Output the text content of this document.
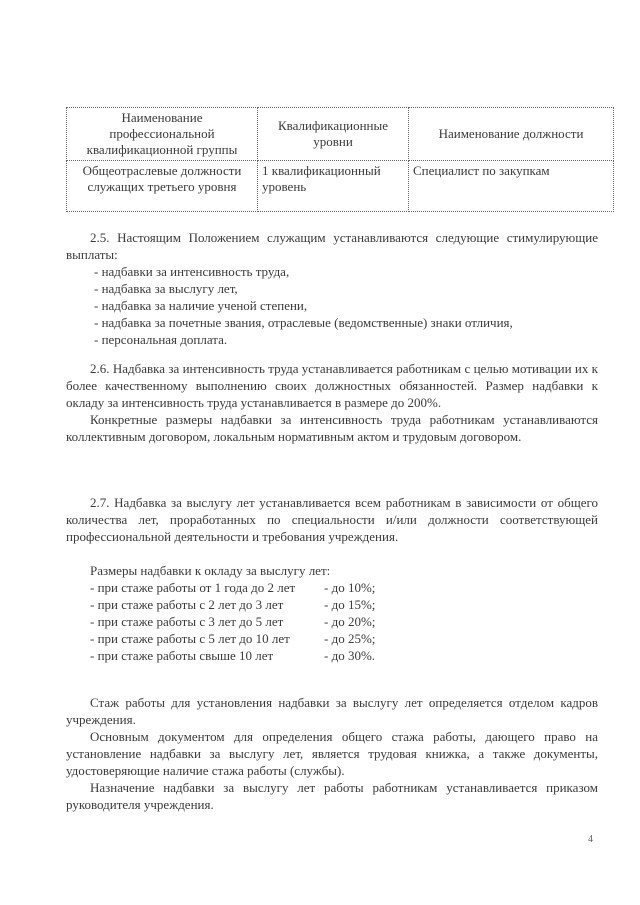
Наименование профессиональной квалификационной группы	Квалификационные уровни	Наименование должности
Общеотраслевые должности служащих третьего уровня	1 квалификационный уровень	Специалист по закупкам

2.5. Настоящим Положением служащим устанавливаются следующие стимулирующие выплаты:

- надбавки за интенсивность труда,

- надбавка за выслугу лет,

- надбавка за наличие ученой степени,

- надбавка за почетные звания, отраслевые (ведомственные) знаки отличия,

- персональная доплата.

2.6. Надбавка за интенсивность труда устанавливается работникам с целью мотивации их к более качественному выполнению своих должностных обязанностей. Размер надбавки к окладу за интенсивность труда устанавливается в размере до 200%.

Конкретные размеры надбавки за интенсивность труда работникам устанавливаются коллективным договором, локальным нормативным актом и трудовым договором.

2.7. Надбавка за выслугу лет устанавливается всем работникам в зависимости от общего количества лет, проработанных по специальности и/или должности соответствующей профессиональной деятельности и требования учреждения.

Размеры надбавки к окладу за выслугу лет:

- при стаже работы от 1 года до 2 лет	- до 10%;
- при стаже работы с 2 лет до 3 лет	- до 15%;
- при стаже работы с 3 лет до 5 лет	- до 20%;
- при стаже работы с 5 лет до 10 лет	- до 25%;
- при стаже работы свыше 10 лет	- до 30%.

Стаж работы для установления надбавки за выслугу лет определяется отделом кадров учреждения.

Основным документом для определения общего стажа работы, дающего право на установление надбавки за выслугу лет, является трудовая книжка, а также документы, удостоверяющие наличие стажа работы (службы).

Назначение надбавки за выслугу лет работы работникам устанавливается приказом руководителя учреждения.

4
